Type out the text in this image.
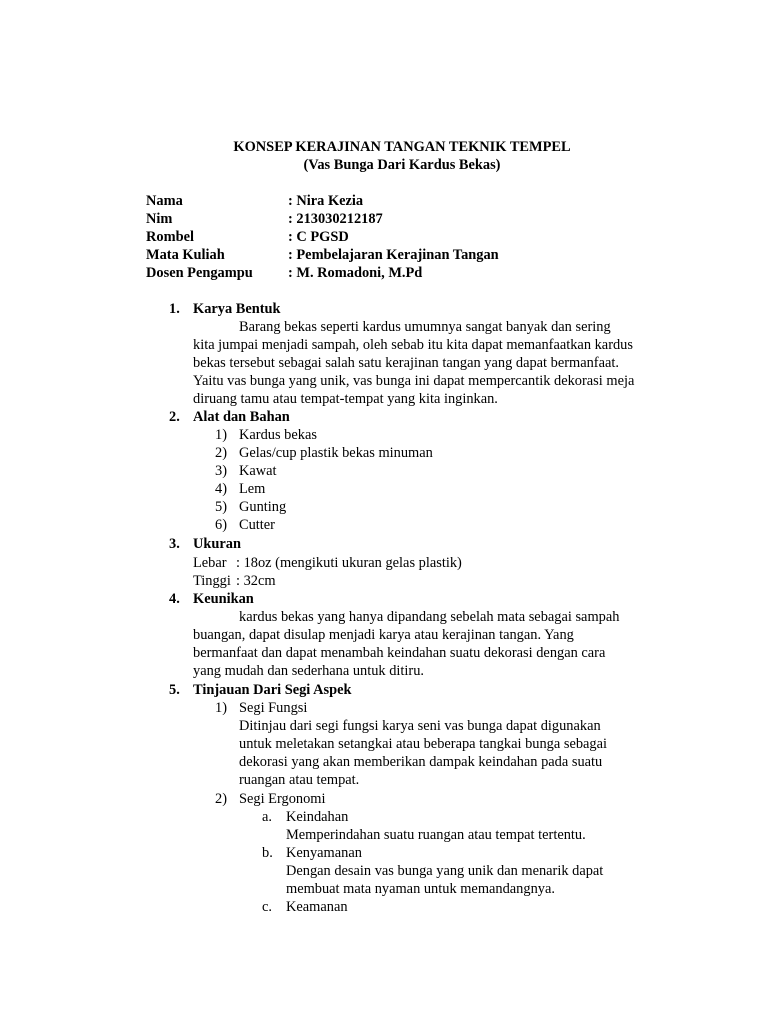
KONSEP KERAJINAN TANGAN TEKNIK TEMPEL
(Vas Bunga Dari Kardus Bekas)
Nama	: Nira Kezia
Nim	: 213030212187
Rombel	: C PGSD
Mata Kuliah	: Pembelajaran Kerajinan Tangan
Dosen Pengampu : M. Romadoni, M.Pd
1. Karya Bentuk
Barang bekas seperti kardus umumnya sangat banyak dan sering
kita jumpai menjadi sampah, oleh sebab itu kita dapat memanfaatkan kardus
bekas tersebut sebagai salah satu kerajinan tangan yang dapat bermanfaat.
Yaitu vas bunga yang unik, vas bunga ini dapat mempercantik dekorasi meja
diruang tamu atau tempat-tempat yang kita inginkan.
2. Alat dan Bahan
1) Kardus bekas
2) Gelas/cup plastik bekas minuman
3) Kawat
4) Lem
5) Gunting
6) Cutter
3. Ukuran
Lebar : 18oz (mengikuti ukuran gelas plastik)
Tinggi : 32cm
4. Keunikan
kardus bekas yang hanya dipandang sebelah mata sebagai sampah
buangan, dapat disulap menjadi karya atau kerajinan tangan. Yang
bermanfaat dan dapat menambah keindahan suatu dekorasi dengan cara
yang mudah dan sederhana untuk ditiru.
5. Tinjauan Dari Segi Aspek
1) Segi Fungsi
Ditinjau dari segi fungsi karya seni vas bunga dapat digunakan
untuk meletakan setangkai atau beberapa tangkai bunga sebagai
dekorasi yang akan memberikan dampak keindahan pada suatu
ruangan atau tempat.
2) Segi Ergonomi
a. Keindahan
Memperindahan suatu ruangan atau tempat tertentu.
b. Kenyamanan
Dengan desain vas bunga yang unik dan menarik dapat
membuat mata nyaman untuk memandangnya.
c. Keamanan
